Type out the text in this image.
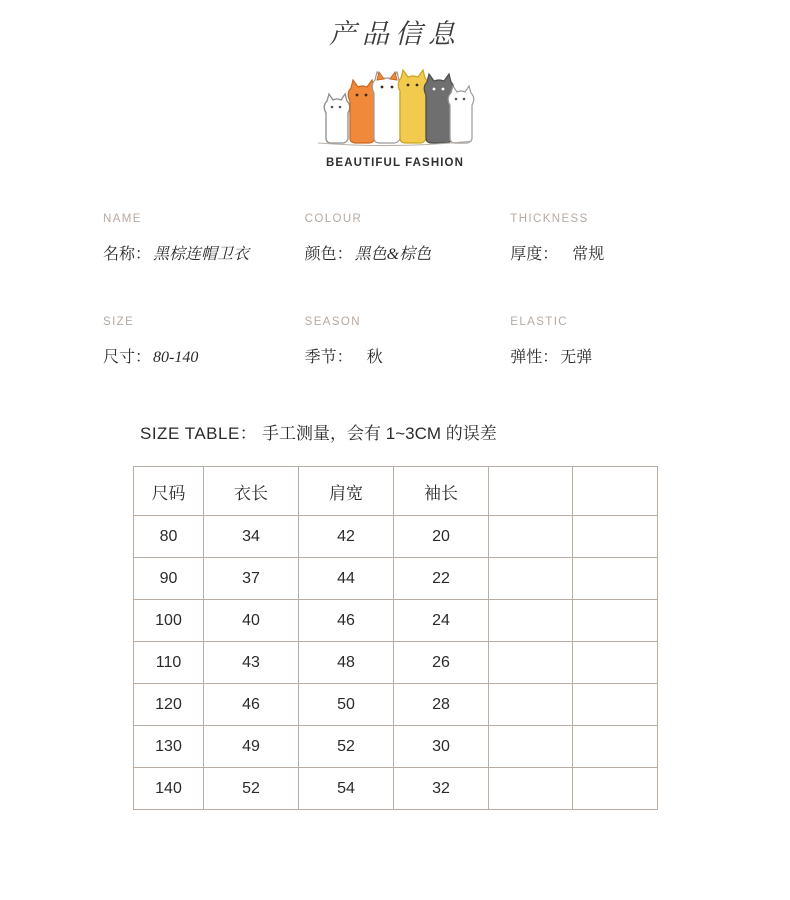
产品信息
BEAUTIFUL FASHION
NAME
名称： 黑棕连帽卫衣
COLOUR
颜色： 黑色&棕色
THICKNESS
厚度： 常规
SIZE
尺寸： 80-140
SEASON
季节： 秋
ELASTIC
弹性： 无弹
SIZE TABLE： 手工测量，会有 1~3CM 的误差
尺码	衣长	肩宽	袖长		
80	34	42	20		
90	37	44	22		
100	40	46	24		
110	43	48	26		
120	46	50	28		
130	49	52	30		
140	52	54	32		
